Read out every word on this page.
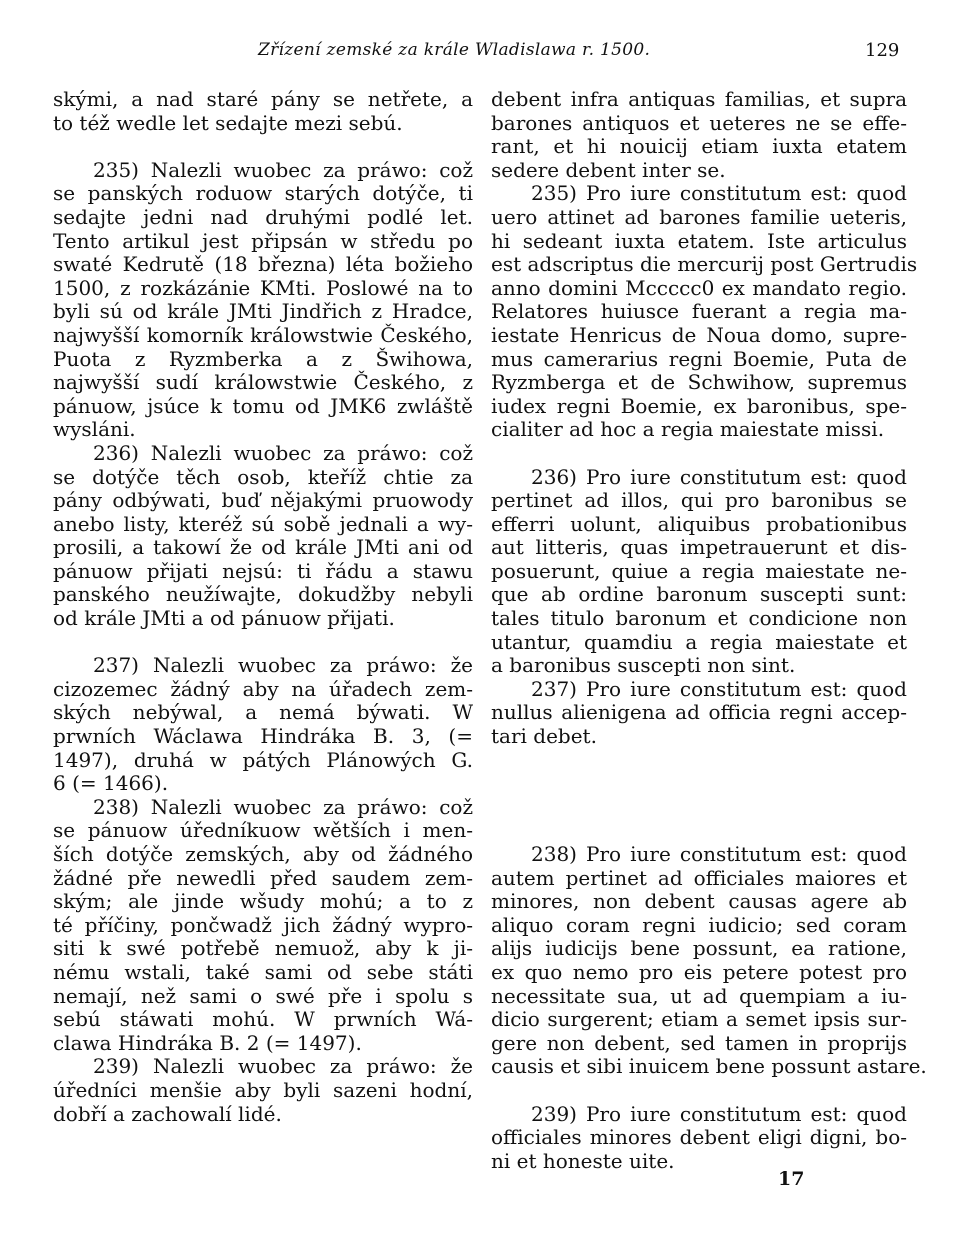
Zřízení zemské za krále Wladislawa r. 1500.	129
skými, a nad staré pány se netřete, a
to též wedle let sedajte mezi sebú.
235) Nalezli wuobec za práwo: což
se panských roduow starých dotýče, ti
sedajte jedni nad druhými podlé let.
Tento artikul jest připsán w středu po
swaté Kedrutě (18 března) léta božieho
1500, z rozkázánie KMti. Poslowé na to
byli sú od krále JMti Jindřich z Hradce,
najwyšší komorník králowstwie Českého,
Puota z Ryzmberka a z Šwihowa,
najwyšší sudí králowstwie Českého, z
pánuow, jsúce k tomu od JMK6 zwláště
wysláni.
236) Nalezli wuobec za práwo: což
se dotýče těch osob, kteříž chtie za
pány odbýwati, buď nějakými pruowody
anebo listy, kteréž sú sobě jednali a wy-
prosili, a takowí že od krále JMti ani od
pánuow přijati nejsú: ti řádu a stawu
panského neužíwajte, dokudžby nebyli
od krále JMti a od pánuow přijati.
237) Nalezli wuobec za práwo: že
cizozemec žádný aby na úřadech zem-
ských nebýwal, a nemá býwati. W
prwních Wáclawa Hindráka B. 3, (=
1497), druhá w pátých Plánowých G.
6 (= 1466).
238) Nalezli wuobec za práwo: což
se pánuow úředníkuow wětších i men-
ších dotýče zemských, aby od žádného
žádné pře newedli před saudem zem-
ským; ale jinde wšudy mohú; a to z
té příčiny, pončwadž jich žádný wypro-
siti k swé potřebě nemuož, aby k ji-
nému wstali, také sami od sebe státi
nemají, než sami o swé pře i spolu s
sebú stáwati mohú. W prwních Wá-
clawa Hindráka B. 2 (= 1497).
239) Nalezli wuobec za práwo: že
úředníci menšie aby byli sazeni hodní,
dobří a zachowalí lidé.
debent infra antiquas familias, et supra
barones antiquos et ueteres ne se effe-
rant, et hi nouicij etiam iuxta etatem
sedere debent inter se.
235) Pro iure constitutum est: quod
uero attinet ad barones familie ueteris,
hi sedeant iuxta etatem. Iste articulus
est adscriptus die mercurij post Gertrudis
anno domini Mccccc0 ex mandato regio.
Relatores huiusce fuerant a regia ma-
iestate Henricus de Noua domo, supre-
mus camerarius regni Boemie, Puta de
Ryzmberga et de Schwihow, supremus
iudex regni Boemie, ex baronibus, spe-
cialiter ad hoc a regia maiestate missi.
236) Pro iure constitutum est: quod
pertinet ad illos, qui pro baronibus se
efferri uolunt, aliquibus probationibus
aut litteris, quas impetrauerunt et dis-
posuerunt, quiue a regia maiestate ne-
que ab ordine baronum suscepti sunt:
tales titulo baronum et condicione non
utantur, quamdiu a regia maiestate et
a baronibus suscepti non sint.
237) Pro iure constitutum est: quod
nullus alienigena ad officia regni accep-
tari debet.
238) Pro iure constitutum est: quod
autem pertinet ad officiales maiores et
minores, non debent causas agere ab
aliquo coram regni iudicio; sed coram
alijs iudicijs bene possunt, ea ratione,
ex quo nemo pro eis petere potest pro
necessitate sua, ut ad quempiam a iu-
dicio surgerent; etiam a semet ipsis sur-
gere non debent, sed tamen in proprijs
causis et sibi inuicem bene possunt astare.
239) Pro iure constitutum est: quod
officiales minores debent eligi digni, bo-
ni et honeste uite.
17
